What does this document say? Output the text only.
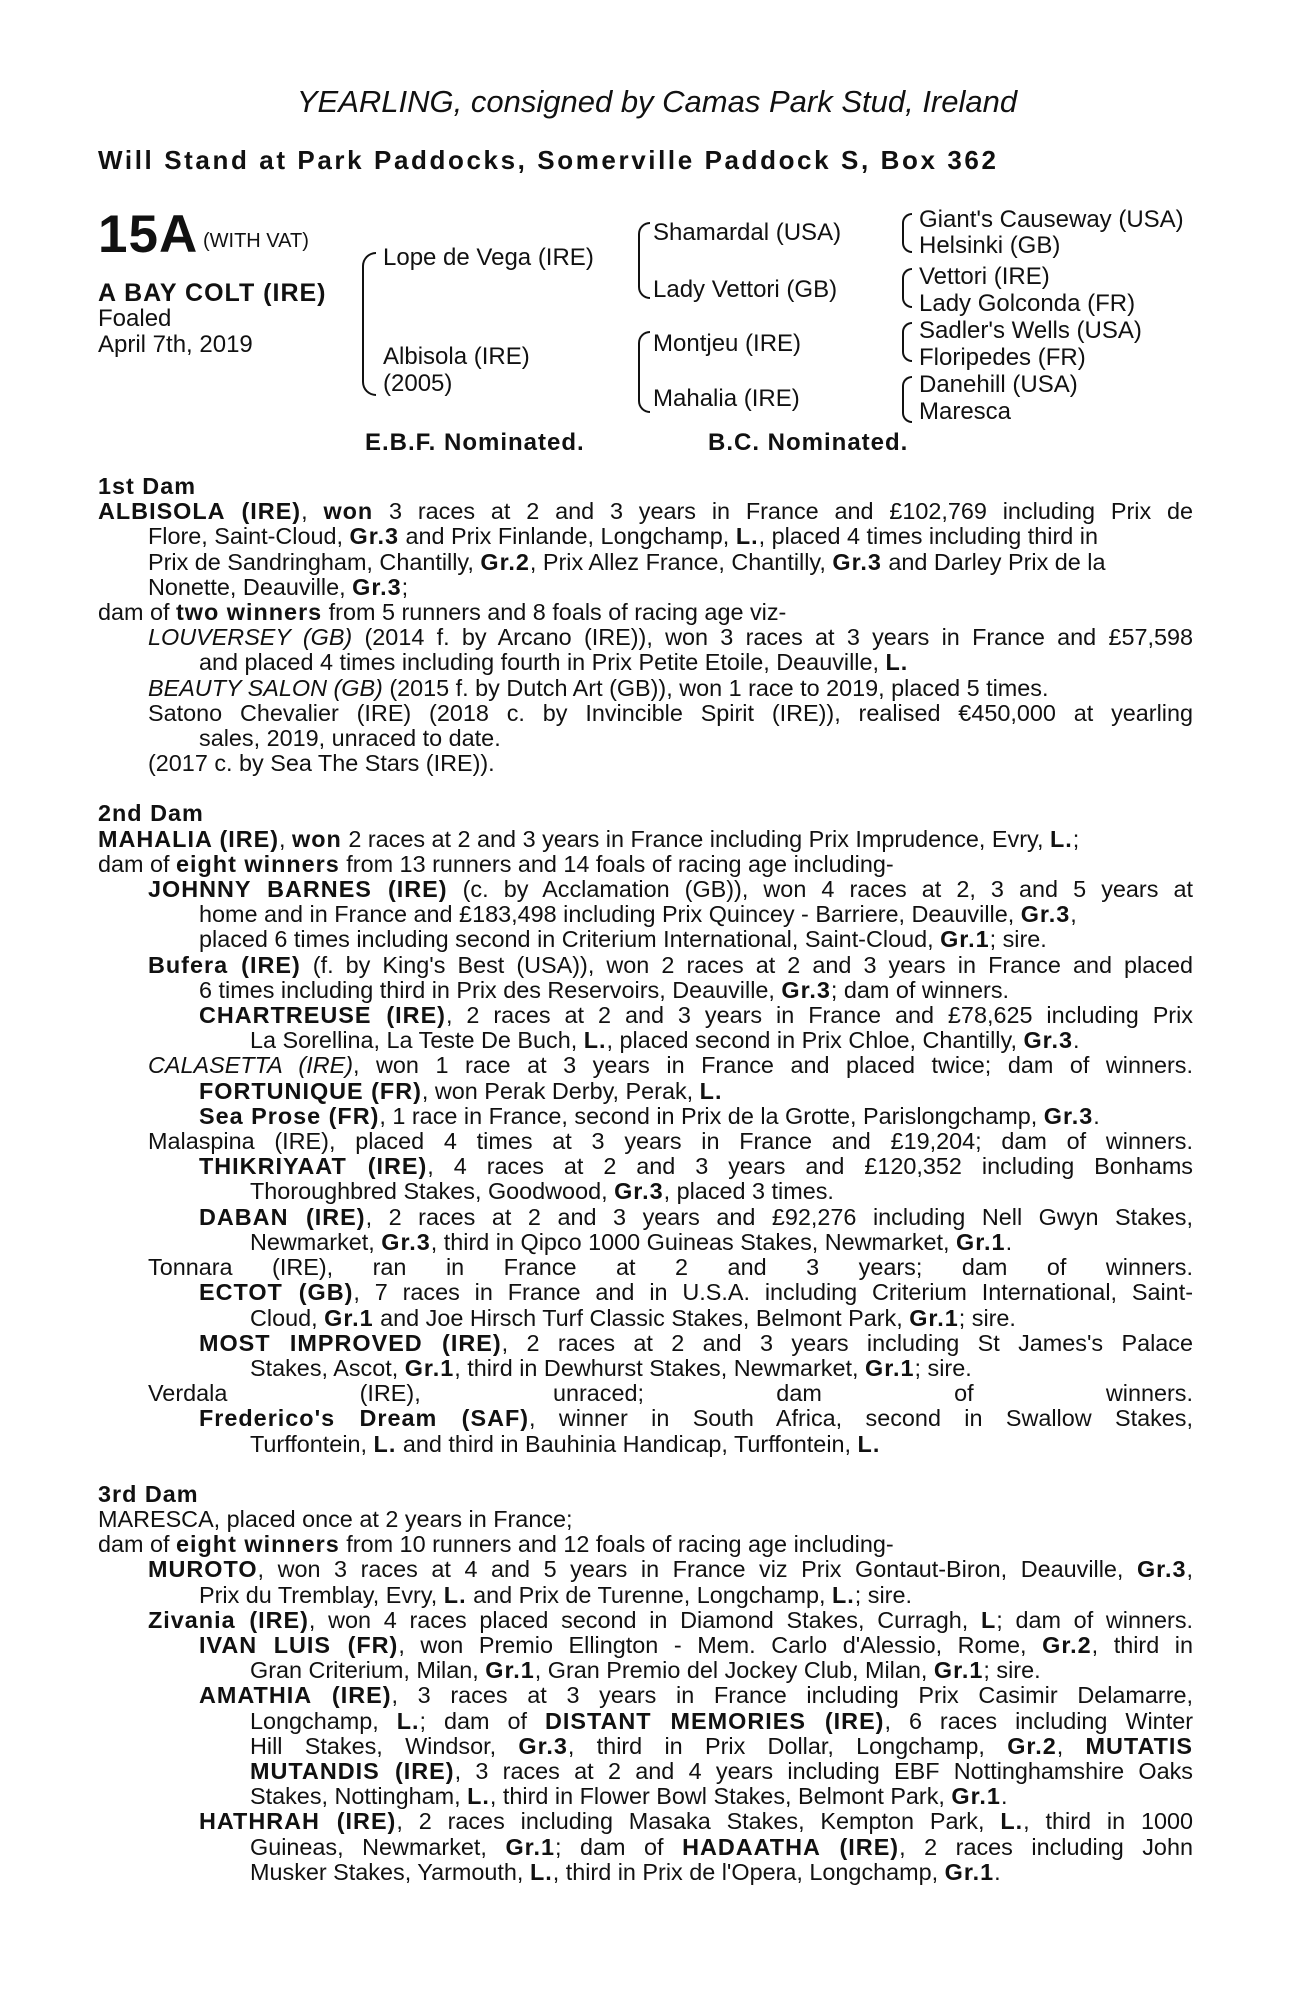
YEARLING, consigned by Camas Park Stud, Ireland
Will Stand at Park Paddocks, Somerville Paddock S, Box 362
15A (WITH VAT)
A BAY COLT (IRE)
Foaled
April 7th, 2019
Lope de Vega (IRE)
Albisola (IRE)
(2005)
Shamardal (USA)
Lady Vettori (GB)
Montjeu (IRE)
Mahalia (IRE)
Giant's Causeway (USA)
Helsinki (GB)
Vettori (IRE)
Lady Golconda (FR)
Sadler's Wells (USA)
Floripedes (FR)
Danehill (USA)
Maresca
E.B.F. Nominated.	B.C. Nominated.

1st Dam

ALBISOLA (IRE), won 3 races at 2 and 3 years in France and £102,769 including Prix de

Flore, Saint-Cloud, Gr.3 and Prix Finlande, Longchamp, L., placed 4 times including third in

Prix de Sandringham, Chantilly, Gr.2, Prix Allez France, Chantilly, Gr.3 and Darley Prix de la

Nonette, Deauville, Gr.3;

dam of two winners from 5 runners and 8 foals of racing age viz-

LOUVERSEY (GB) (2014 f. by Arcano (IRE)), won 3 races at 3 years in France and £57,598

and placed 4 times including fourth in Prix Petite Etoile, Deauville, L.

BEAUTY SALON (GB) (2015 f. by Dutch Art (GB)), won 1 race to 2019, placed 5 times.

Satono Chevalier (IRE) (2018 c. by Invincible Spirit (IRE)), realised €450,000 at yearling

sales, 2019, unraced to date.

(2017 c. by Sea The Stars (IRE)).

2nd Dam

MAHALIA (IRE), won 2 races at 2 and 3 years in France including Prix Imprudence, Evry, L.;

dam of eight winners from 13 runners and 14 foals of racing age including-

JOHNNY BARNES (IRE) (c. by Acclamation (GB)), won 4 races at 2, 3 and 5 years at

home and in France and £183,498 including Prix Quincey - Barriere, Deauville, Gr.3,

placed 6 times including second in Criterium International, Saint-Cloud, Gr.1; sire.

Bufera (IRE) (f. by King's Best (USA)), won 2 races at 2 and 3 years in France and placed

6 times including third in Prix des Reservoirs, Deauville, Gr.3; dam of winners.

CHARTREUSE (IRE), 2 races at 2 and 3 years in France and £78,625 including Prix

La Sorellina, La Teste De Buch, L., placed second in Prix Chloe, Chantilly, Gr.3.

CALASETTA (IRE), won 1 race at 3 years in France and placed twice; dam of winners.

FORTUNIQUE (FR), won Perak Derby, Perak, L.

Sea Prose (FR), 1 race in France, second in Prix de la Grotte, Parislongchamp, Gr.3.

Malaspina (IRE), placed 4 times at 3 years in France and £19,204; dam of winners.

THIKRIYAAT (IRE), 4 races at 2 and 3 years and £120,352 including Bonhams

Thoroughbred Stakes, Goodwood, Gr.3, placed 3 times.

DABAN (IRE), 2 races at 2 and 3 years and £92,276 including Nell Gwyn Stakes,

Newmarket, Gr.3, third in Qipco 1000 Guineas Stakes, Newmarket, Gr.1.

Tonnara (IRE), ran in France at 2 and 3 years; dam of winners.

ECTOT (GB), 7 races in France and in U.S.A. including Criterium International, Saint-

Cloud, Gr.1 and Joe Hirsch Turf Classic Stakes, Belmont Park, Gr.1; sire.

MOST IMPROVED (IRE), 2 races at 2 and 3 years including St James's Palace

Stakes, Ascot, Gr.1, third in Dewhurst Stakes, Newmarket, Gr.1; sire.

Verdala (IRE), unraced; dam of winners.

Frederico's Dream (SAF), winner in South Africa, second in Swallow Stakes,

Turffontein, L. and third in Bauhinia Handicap, Turffontein, L.

3rd Dam

MARESCA, placed once at 2 years in France;

dam of eight winners from 10 runners and 12 foals of racing age including-

MUROTO, won 3 races at 4 and 5 years in France viz Prix Gontaut-Biron, Deauville, Gr.3,

Prix du Tremblay, Evry, L. and Prix de Turenne, Longchamp, L.; sire.

Zivania (IRE), won 4 races placed second in Diamond Stakes, Curragh, L; dam of winners.

IVAN LUIS (FR), won Premio Ellington - Mem. Carlo d'Alessio, Rome, Gr.2, third in

Gran Criterium, Milan, Gr.1, Gran Premio del Jockey Club, Milan, Gr.1; sire.

AMATHIA (IRE), 3 races at 3 years in France including Prix Casimir Delamarre,

Longchamp, L.; dam of DISTANT MEMORIES (IRE), 6 races including Winter

Hill Stakes, Windsor, Gr.3, third in Prix Dollar, Longchamp, Gr.2, MUTATIS

MUTANDIS (IRE), 3 races at 2 and 4 years including EBF Nottinghamshire Oaks

Stakes, Nottingham, L., third in Flower Bowl Stakes, Belmont Park, Gr.1.

HATHRAH (IRE), 2 races including Masaka Stakes, Kempton Park, L., third in 1000

Guineas, Newmarket, Gr.1; dam of HADAATHA (IRE), 2 races including John

Musker Stakes, Yarmouth, L., third in Prix de l'Opera, Longchamp, Gr.1.
